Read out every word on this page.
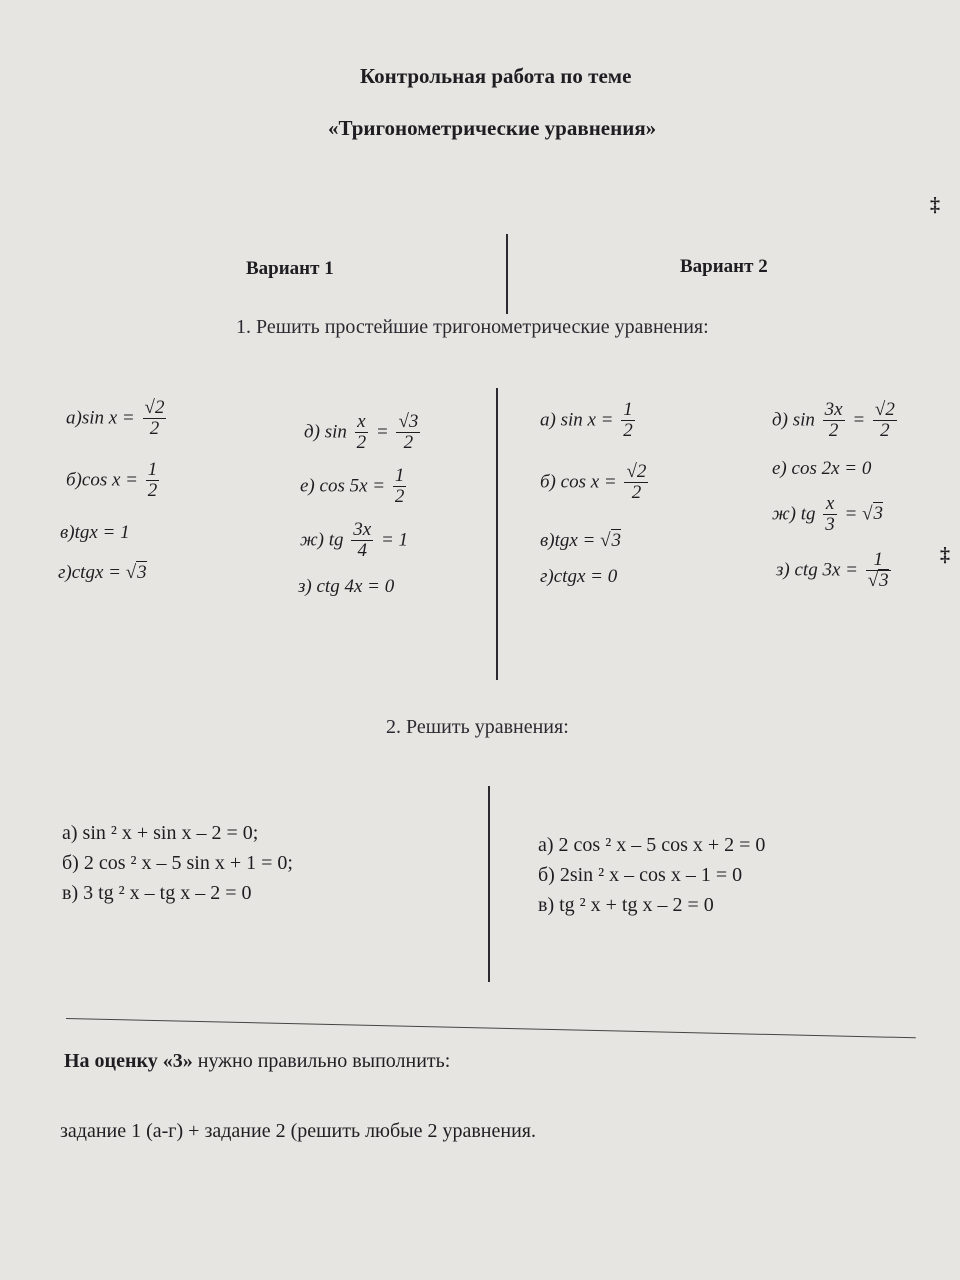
Контрольная работа по теме
«Тригонометрические уравнения»
Вариант 1	Вариант 2
1. Решить простейшие тригонометрические уравнения:
а)sin $x = \frac{√2}{2}$
б)cos $x = \frac{1}{2}$
в)tgx = 1
г)ctgx = √3
д) $\sin \frac{x}{2} = \frac{√3}{2}$
е) $\cos 5x = \frac{1}{2}$
ж) tg $\frac{3x}{4} = 1$
з) ctg 4x = 0
а) $\sin x = \frac{1}{2}$
б) $\cos x = \frac{√2}{2}$
в)tgx = √3
г)ctgx = 0
д) $\sin \frac{3x}{2} = \frac{√2}{2}$
е) cos 2x = 0
ж) tg $\frac{x}{3} = √3$
з) ctg $3x = \frac{1}{√3}$
2. Решить уравнения:
а) sin ² x + sin x – 2 = 0;
б) 2 cos ² x – 5 sin x + 1 = 0;
в) 3 tg ² x – tg x – 2 = 0
а) 2 cos ² x – 5 cos x + 2 = 0
б) 2sin ² x – cos x – 1 = 0
в) tg ² x + tg x – 2 = 0
На оценку «3» нужно правильно выполнить:
задание 1 (а-г) + задание 2 (решить любые 2 уравнения.
‡
‡
